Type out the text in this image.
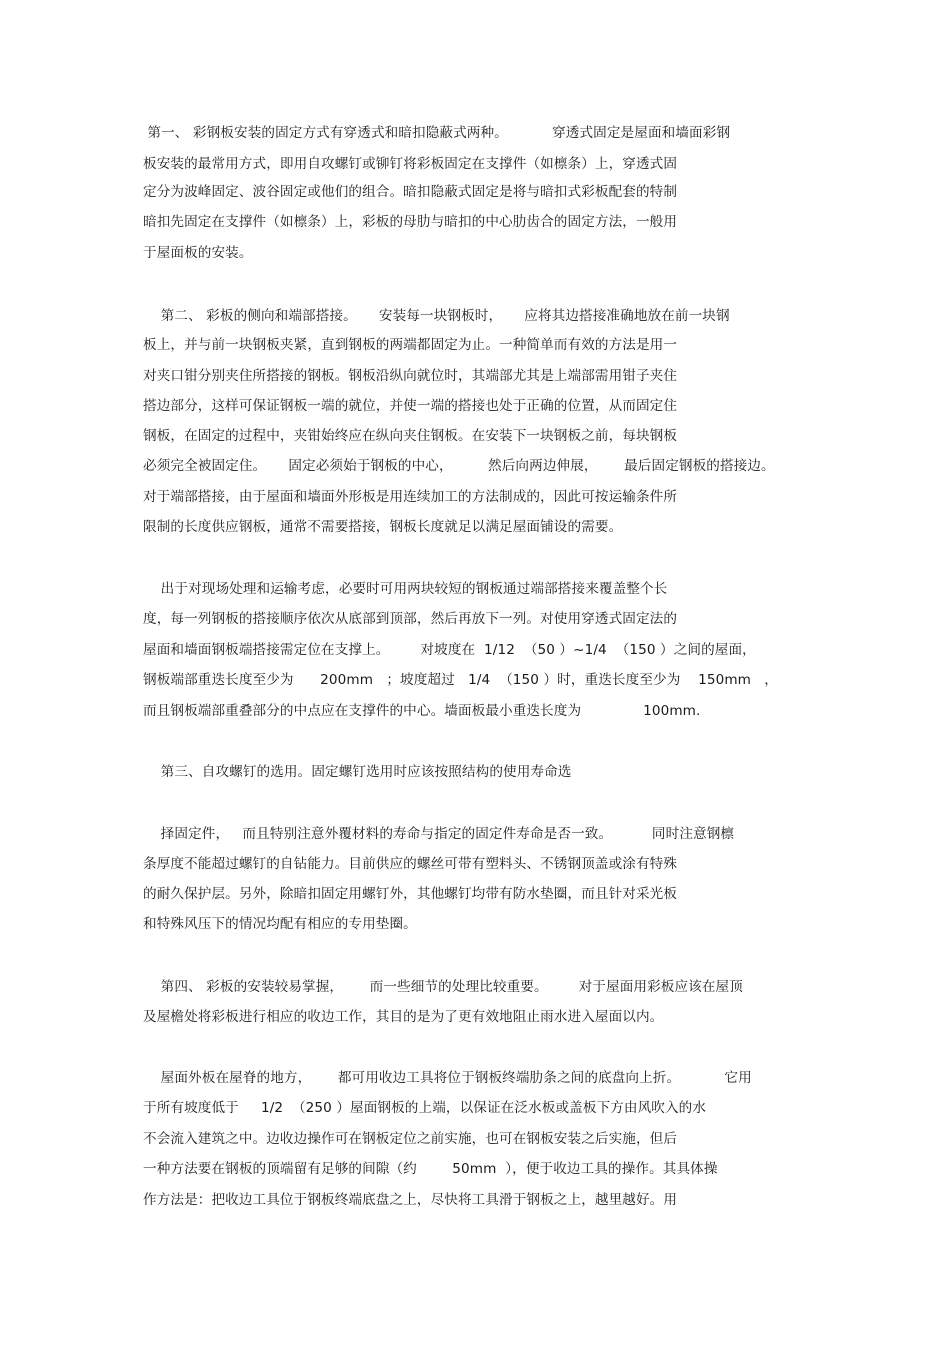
第一、 彩钢板安装的固定方式有穿透式和暗扣隐蔽式两种。          穿透式固定是屋面和墙面彩钢
板安装的最常用方式，即用自攻螺钉或铆钉将彩板固定在支撑件（如檩条）上，穿透式固
定分为波峰固定、波谷固定或他们的组合。暗扣隐蔽式固定是将与暗扣式彩板配套的特制
暗扣先固定在支撑件（如檩条）上，彩板的母肋与暗扣的中心肋齿合的固定方法，一般用
于屋面板的安装。
第二、 彩板的侧向和端部搭接。     安装每一块钢板时，     应将其边搭接准确地放在前一块钢
板上，并与前一块钢板夹紧，直到钢板的两端都固定为止。一种简单而有效的方法是用一
对夹口钳分别夹住所搭接的钢板。钢板沿纵向就位时，其端部尤其是上端部需用钳子夹住
搭边部分，这样可保证钢板一端的就位，并使一端的搭接也处于正确的位置，从而固定住
钢板，在固定的过程中，夹钳始终应在纵向夹住钢板。在安装下一块钢板之前，每块钢板
必须完全被固定住。     固定必须始于钢板的中心，        然后向两边伸展，      最后固定钢板的搭接边。
对于端部搭接，由于屋面和墙面外形板是用连续加工的方法制成的，因此可按运输条件所
限制的长度供应钢板，通常不需要搭接，钢板长度就足以满足屋面铺设的需要。
出于对现场处理和运输考虑，必要时可用两块较短的钢板通过端部搭接来覆盖整个长
度，每一列钢板的搭接顺序依次从底部到顶部，然后再放下一列。对使用穿透式固定法的
屋面和墙面钢板端搭接需定位在支撑上。       对坡度在  1/12  （50 ）~1/4  （150 ）之间的屋面，
钢板端部重迭长度至少为      200mm   ；坡度超过   1/4  （150 ）时，重迭长度至少为    150mm   ，
而且钢板端部重叠部分的中点应在支撑件的中心。墙面板最小重迭长度为              100mm.
第三、自攻螺钉的选用。固定螺钉选用时应该按照结构的使用寿命选
择固定件，   而且特别注意外覆材料的寿命与指定的固定件寿命是否一致。         同时注意钢檩
条厚度不能超过螺钉的自钻能力。目前供应的螺丝可带有塑料头、不锈钢顶盖或涂有特殊
的耐久保护层。另外，除暗扣固定用螺钉外，其他螺钉均带有防水垫圈，而且针对采光板
和特殊风压下的情况均配有相应的专用垫圈。
第四、 彩板的安装较易掌握，      而一些细节的处理比较重要。       对于屋面用彩板应该在屋顶
及屋檐处将彩板进行相应的收边工作，其目的是为了更有效地阻止雨水进入屋面以内。
屋面外板在屋脊的地方，      都可用收边工具将位于钢板终端肋条之间的底盘向上折。          它用
于所有坡度低于     1/2  （250 ）屋面钢板的上端，以保证在泛水板或盖板下方由风吹入的水
不会流入建筑之中。边收边操作可在钢板定位之前实施，也可在钢板安装之后实施，但后
一种方法要在钢板的顶端留有足够的间隙（约        50mm  ），便于收边工具的操作。其具体操
作方法是：把收边工具位于钢板终端底盘之上，尽快将工具滑于钢板之上，越里越好。用
